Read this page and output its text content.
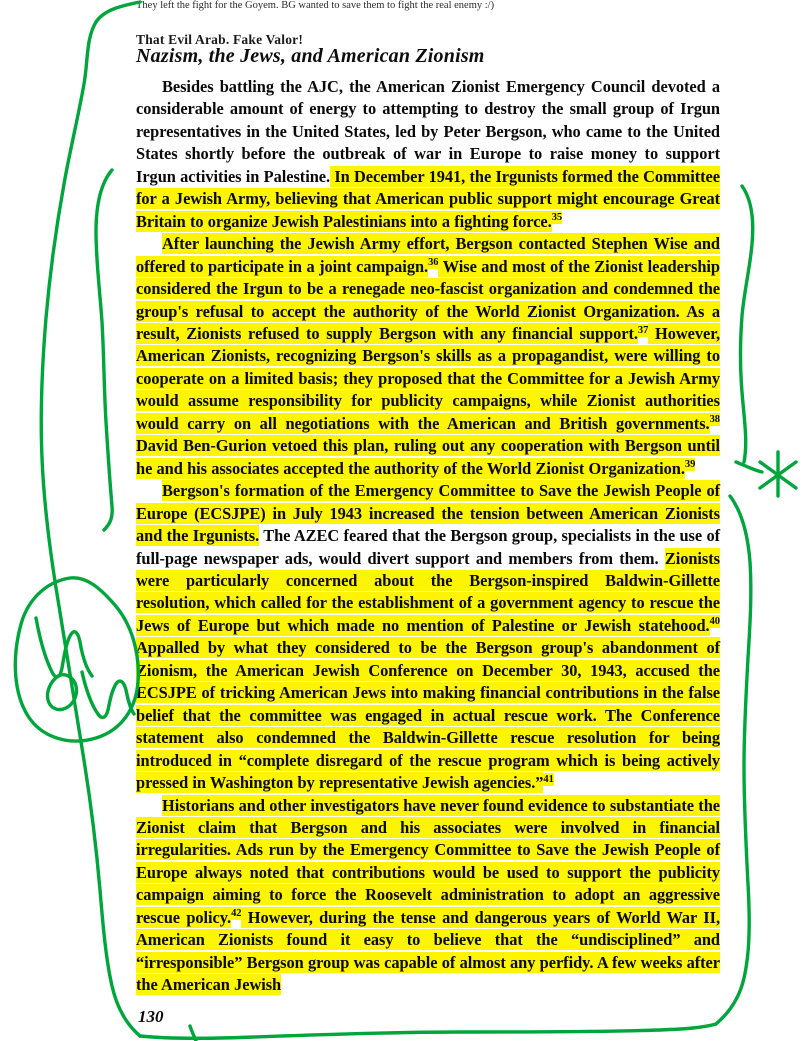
They left the fight for the Goyem. BG wanted to save them to fight the real enemy :/)
That Evil Arab. Fake Valor!
Nazism, the Jews, and American Zionism

Besides battling the AJC, the American Zionist Emergency Council devoted a considerable amount of energy to attempting to destroy the small group of Irgun representatives in the United States, led by Peter Bergson, who came to the United States shortly before the outbreak of war in Europe to raise money to support Irgun activities in Palestine. In December 1941, the Irgunists formed the Committee for a Jewish Army, believing that American public support might encourage Great Britain to organize Jewish Palestinians into a fighting force.$^{35}$

After launching the Jewish Army effort, Bergson contacted Stephen Wise and offered to participate in a joint campaign.$^{36}$ Wise and most of the Zionist leadership considered the Irgun to be a renegade neo-fascist organization and condemned the group's refusal to accept the authority of the World Zionist Organization. As a result, Zionists refused to supply Bergson with any financial support.$^{37}$ However, American Zionists, recognizing Bergson's skills as a propagandist, were willing to cooperate on a limited basis; they proposed that the Committee for a Jewish Army would assume responsibility for publicity campaigns, while Zionist authorities would carry on all negotiations with the American and British governments.$^{38}$ David Ben-Gurion vetoed this plan, ruling out any cooperation with Bergson until he and his associates accepted the authority of the World Zionist Organization.$^{39}$

Bergson's formation of the Emergency Committee to Save the Jewish People of Europe (ECSJPE) in July 1943 increased the tension between American Zionists and the Irgunists. The AZEC feared that the Bergson group, specialists in the use of full-page newspaper ads, would divert support and members from them. Zionists were particularly concerned about the Bergson-inspired Baldwin-Gillette resolution, which called for the establishment of a government agency to rescue the Jews of Europe but which made no mention of Palestine or Jewish statehood.$^{40}$ Appalled by what they considered to be the Bergson group's abandonment of Zionism, the American Jewish Conference on December 30, 1943, accused the ECSJPE of tricking American Jews into making financial contributions in the false belief that the committee was engaged in actual rescue work. The Conference statement also condemned the Baldwin-Gillette rescue resolution for being introduced in “complete disregard of the rescue program which is being actively pressed in Washington by representative Jewish agencies.”$^{41}$

Historians and other investigators have never found evidence to substantiate the Zionist claim that Bergson and his associates were involved in financial irregularities. Ads run by the Emergency Committee to Save the Jewish People of Europe always noted that contributions would be used to support the publicity campaign aiming to force the Roosevelt administration to adopt an aggressive rescue policy.$^{42}$ However, during the tense and dangerous years of World War II, American Zionists found it easy to believe that the “undisciplined” and “irresponsible” Bergson group was capable of almost any perfidy. A few weeks after the American Jewish

130
